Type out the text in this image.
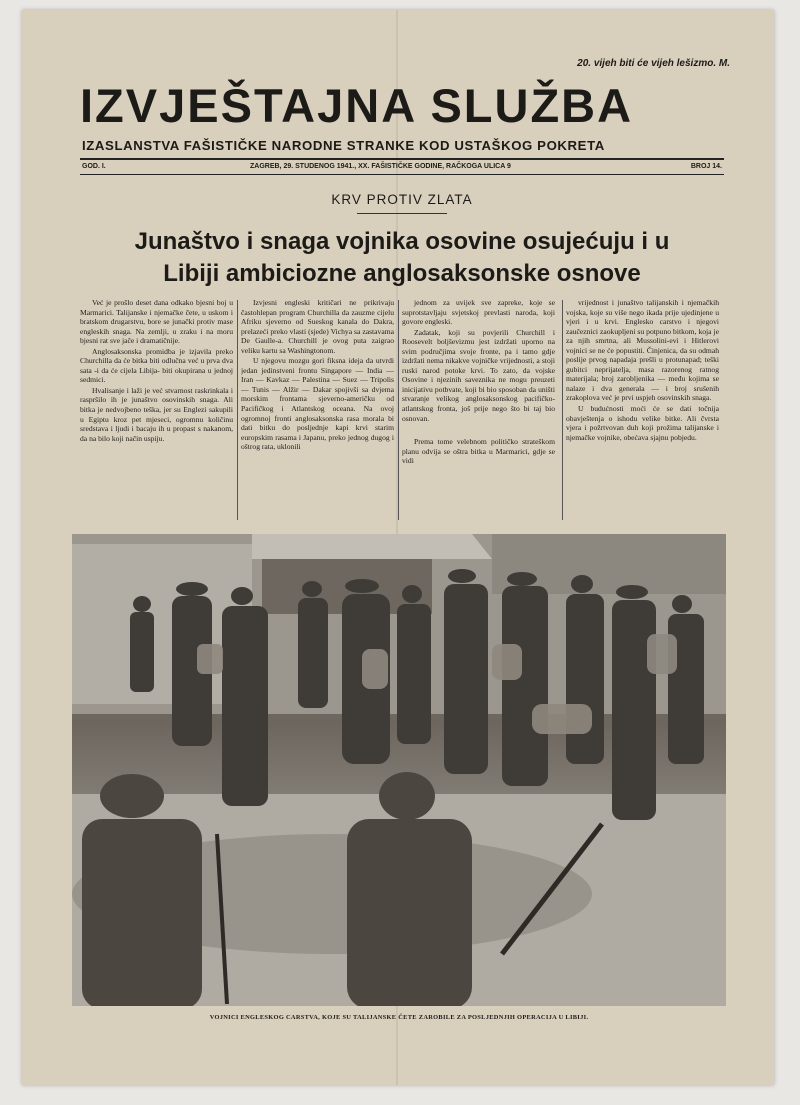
20. vijeh biti će vijeh lešizmo. M.
IZVJEŠTAJNA SLUŽBA
IZASLANSTVA FAŠISTIČKE NARODNE STRANKE KOD USTAŠKOG POKRETA
GOD. I.	ZAGREB, 29. STUDENOG 1941., XX. FAŠISTIČKE GODINE, RAČKOGA ULICA 9	BROJ 14.
KRV PROTIV ZLATA
Junaštvo i snaga vojnika osovine osujećuju i u
Libiji ambiciozne anglosaksonske osnove

Već je prošlo deset dana odkako bjesni boj u Marmarici. Talijanske i njemačke čete, u uskom i bratskom drugarstvu, bore se junački protiv mase engleskih snaga. Na zemlji, u zraku i na moru bjesni rat sve jače i dramatičnije.

Anglosaksonska promidba je izjavila preko Churchilla da će bitka biti odlučna već u prva dva sata -i da će cijela Libija- biti okupirana u jednoj sedmici.

Hvalisanje i laži je već stvarnost raskrinkala i raspršilo ih je junaštvo osovinskih snaga. Ali bitka je nedvojbeno teška, jer su Englezi sakupili u Egiptu kroz pet mjeseci, ogromnu količinu sredstava i ljudi i bacaju ih u propast s nakanom, da na bilo koji način uspiju.

Izvjesni engleski kritičari ne prikrivaju častohlepan program Churchilla da zauzme cijelu Afriku sjeverno od Sueskog kanala do Dakra, prelazeći preko vlasti (sjede) Vichya sa zastavama De Gaulle-a. Churchill je ovog puta zaigrao veliku kartu sa Washingtonom.

U njegovu mozgu gori fiksna ideja da utvrdi jedan jedinstveni frontu Singapore — India — Iran — Kavkaz — Palestina — Suez — Tripolis — Tunis — Alžir — Dakar spojivši sa dvjema morskim frontama sjeverno-američku od Pacifičkog i Atlantskog oceana. Na ovoj ogromnoj fronti anglosaksonska rasa morala bi dati bitku do posljednje kapi krvi starim europskim rasama i Japanu, preko jednog dugog i oštrog rata, uklonili

jednom za uvijek sve zapreke, koje se suprotstavljaju svjetskoj prevlasti naroda, koji govore engleski.

Zadatak, koji su povjerili Churchill i Roosevelt boljševizmu jest izdržati uporno na svim područjima svoje fronte, pa i tamo gdje izdržati nema nikakve vojničke vrijednosti, a stoji ruski narod potoke krvi. To zato, da vojske Osovine i njezinih saveznika ne mogu preuzeti inicijativu potbvate, koji bi bio sposoban da uništi stvaranje velikog anglosaksonskog pacifičko-atlantskog fronta, još prije nego što bi taj bio osnovan.

Prema tome velebnom političko strateškom planu odvija se oštra bitka u Marmarici, gdje se vidi

vrijednost i junaštvo talijanskih i njemačkih vojska, koje su više nego ikada prije ujedinjene u vjeri i u krvi. Englesko carstvo i njegovi zaučeznici zaokupljeni su potpuno bitkom, koja je za njih smrtna, ali Mussolini-evi i Hitlerovi vojnici se ne će popustiti. Činjenica, da su odmah poslije prvog napadaja prešli u protunapad; teški gubitci neprijatelja, masa razorenog ratnog materijala; broj zarobljenika — među kojima se nalaze i dva generala — i broj srušenih zrakoplova već je prvi uspjeh osovinskih snaga.

U budućnosti moći će se dati točnija obavještenja o ishodu velike bitke. Ali čvrsta vjera i požrtvovan duh koji prožima talijanske i njemačke vojnike, obećava sjajnu pobjedu.

VOJNICI ENGLESKOG CARSTVA, KOJE SU TALIJANSKE ČETE ZAROBILE ZA POSLJEDNJIH OPERACIJA U LIBIJI.
